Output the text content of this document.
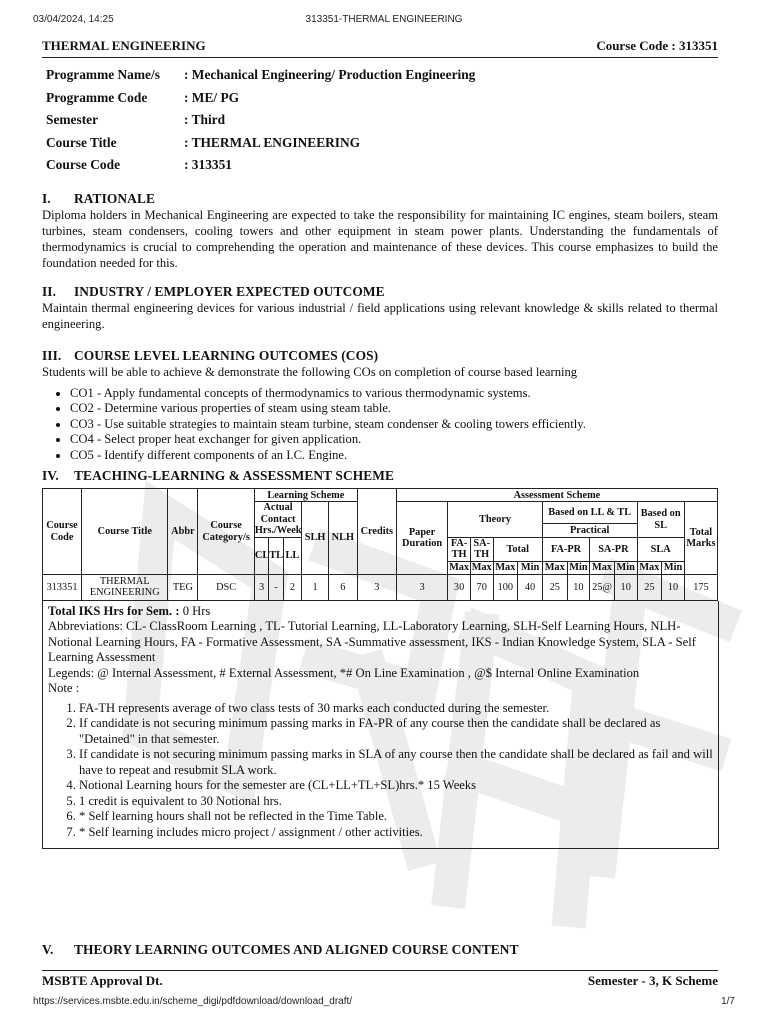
03/04/2024, 14:25	313351-THERMAL ENGINEERING
THERMAL ENGINEERING	Course Code : 313351
Programme Name/s	: Mechanical Engineering/ Production Engineering
Programme Code	: ME/ PG
Semester	: Third
Course Title	: THERMAL ENGINEERING
Course Code	: 313351
I. RATIONALE

Diploma holders in Mechanical Engineering are expected to take the responsibility for maintaining IC engines, steam boilers, steam turbines, steam condensers, cooling towers and other equipment in steam power plants. Understanding the fundamentals of thermodynamics is crucial to comprehending the operation and maintenance of these devices. This course emphasizes to build the foundation needed for this.

II. INDUSTRY / EMPLOYER EXPECTED OUTCOME

Maintain thermal engineering devices for various industrial / field applications using relevant knowledge & skills related to thermal engineering.

III. COURSE LEVEL LEARNING OUTCOMES (COS)

Students will be able to achieve & demonstrate the following COs on completion of course based learning

• CO1 - Apply fundamental concepts of thermodynamics to various thermodynamic systems.
• CO2 - Determine various properties of steam using steam table.
• CO3 - Use suitable strategies to maintain steam turbine, steam condenser & cooling towers efficiently.
• CO4 - Select proper heat exchanger for given application.
• CO5 - Identify different components of an I.C. Engine.
IV. TEACHING-LEARNING & ASSESSMENT SCHEME
Course Code	Course Title	Abbr	Course Category/s	Learning Scheme					Credits	Assessment Scheme											
				Actual Contact Hrs./Week			SLH	NLH		Paper Duration	Theory				Based on LL & TL				Based on SL		Total Marks
															Practical						
				CL	TL	LL					FA-TH	SA-TH	Total		FA-PR		SA-PR		SLA		
											Max	Max	Max	Min	Max	Min	Max	Min	Max	Min	
313351	THERMAL ENGINEERING	TEG	DSC	3	-	2	1	6	3	3	30	70	100	40	25	10	25@	10	25	10	175
Total IKS Hrs for Sem. : 0 Hrs
Abbreviations: CL- ClassRoom Learning , TL- Tutorial Learning, LL-Laboratory Learning, SLH-Self Learning Hours, NLH-Notional Learning Hours, FA - Formative Assessment, SA -Summative assessment, IKS - Indian Knowledge System, SLA - Self Learning Assessment
Legends: @ Internal Assessment, # External Assessment, *# On Line Examination , @$ Internal Online Examination
Note :
1. FA-TH represents average of two class tests of 30 marks each conducted during the semester.
2. If candidate is not securing minimum passing marks in FA-PR of any course then the candidate shall be declared as "Detained" in that semester.
3. If candidate is not securing minimum passing marks in SLA of any course then the candidate shall be declared as fail and will have to repeat and resubmit SLA work.
4. Notional Learning hours for the semester are (CL+LL+TL+SL)hrs.* 15 Weeks
5. 1 credit is equivalent to 30 Notional hrs.
6. * Self learning hours shall not be reflected in the Time Table.
7. * Self learning includes micro project / assignment / other activities.
V. THEORY LEARNING OUTCOMES AND ALIGNED COURSE CONTENT
MSBTE Approval Dt.	Semester - 3, K Scheme
https://services.msbte.edu.in/scheme_digi/pdfdownload/download_draft/	1/7
